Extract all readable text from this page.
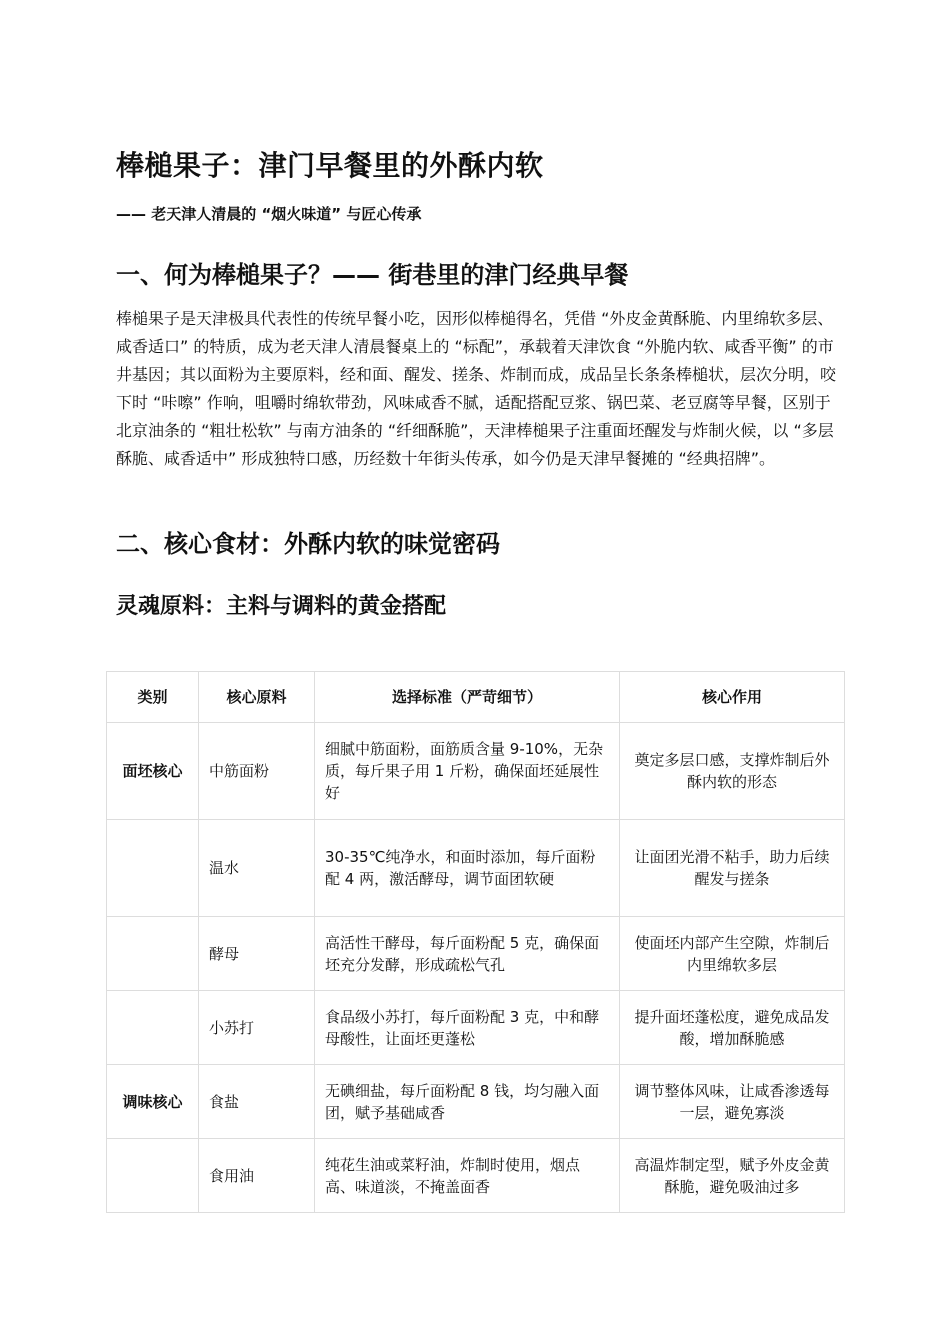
棒槌果子：津门早餐里的外酥内软
—— 老天津人清晨的 “烟火味道” 与匠心传承
一、何为棒槌果子？—— 街巷里的津门经典早餐

棒槌果子是天津极具代表性的传统早餐小吃，因形似棒槌得名，凭借 “外皮金黄酥脆、内里绵软多层、咸香适口” 的特质，成为老天津人清晨餐桌上的 “标配”，承载着天津饮食 “外脆内软、咸香平衡” 的市井基因；其以面粉为主要原料，经和面、醒发、搓条、炸制而成，成品呈长条条棒槌状，层次分明，咬下时 “咔嚓” 作响，咀嚼时绵软带劲，风味咸香不腻，适配搭配豆浆、锅巴菜、老豆腐等早餐，区别于北京油条的 “粗壮松软” 与南方油条的 “纤细酥脆”，天津棒槌果子注重面坯醒发与炸制火候，以 “多层酥脆、咸香适中” 形成独特口感，历经数十年街头传承，如今仍是天津早餐摊的 “经典招牌”。

二、核心食材：外酥内软的味觉密码
灵魂原料：主料与调料的黄金搭配
类别	核心原料	选择标准（严苛细节）	核心作用
面坯核心	中筋面粉	细腻中筋面粉，面筋质含量 9-10%，无杂质，每斤果子用 1 斤粉，确保面坯延展性好	奠定多层口感，支撑炸制后外酥内软的形态
	温水	30-35℃纯净水，和面时添加，每斤面粉配 4 两，激活酵母，调节面团软硬	让面团光滑不粘手，助力后续醒发与搓条
	酵母	高活性干酵母，每斤面粉配 5 克，确保面坯充分发酵，形成疏松气孔	使面坯内部产生空隙，炸制后内里绵软多层
	小苏打	食品级小苏打，每斤面粉配 3 克，中和酵母酸性，让面坯更蓬松	提升面坯蓬松度，避免成品发酸，增加酥脆感
调味核心	食盐	无碘细盐，每斤面粉配 8 钱，均匀融入面团，赋予基础咸香	调节整体风味，让咸香渗透每一层，避免寡淡
	食用油	纯花生油或菜籽油，炸制时使用，烟点高、味道淡，不掩盖面香	高温炸制定型，赋予外皮金黄酥脆，避免吸油过多
